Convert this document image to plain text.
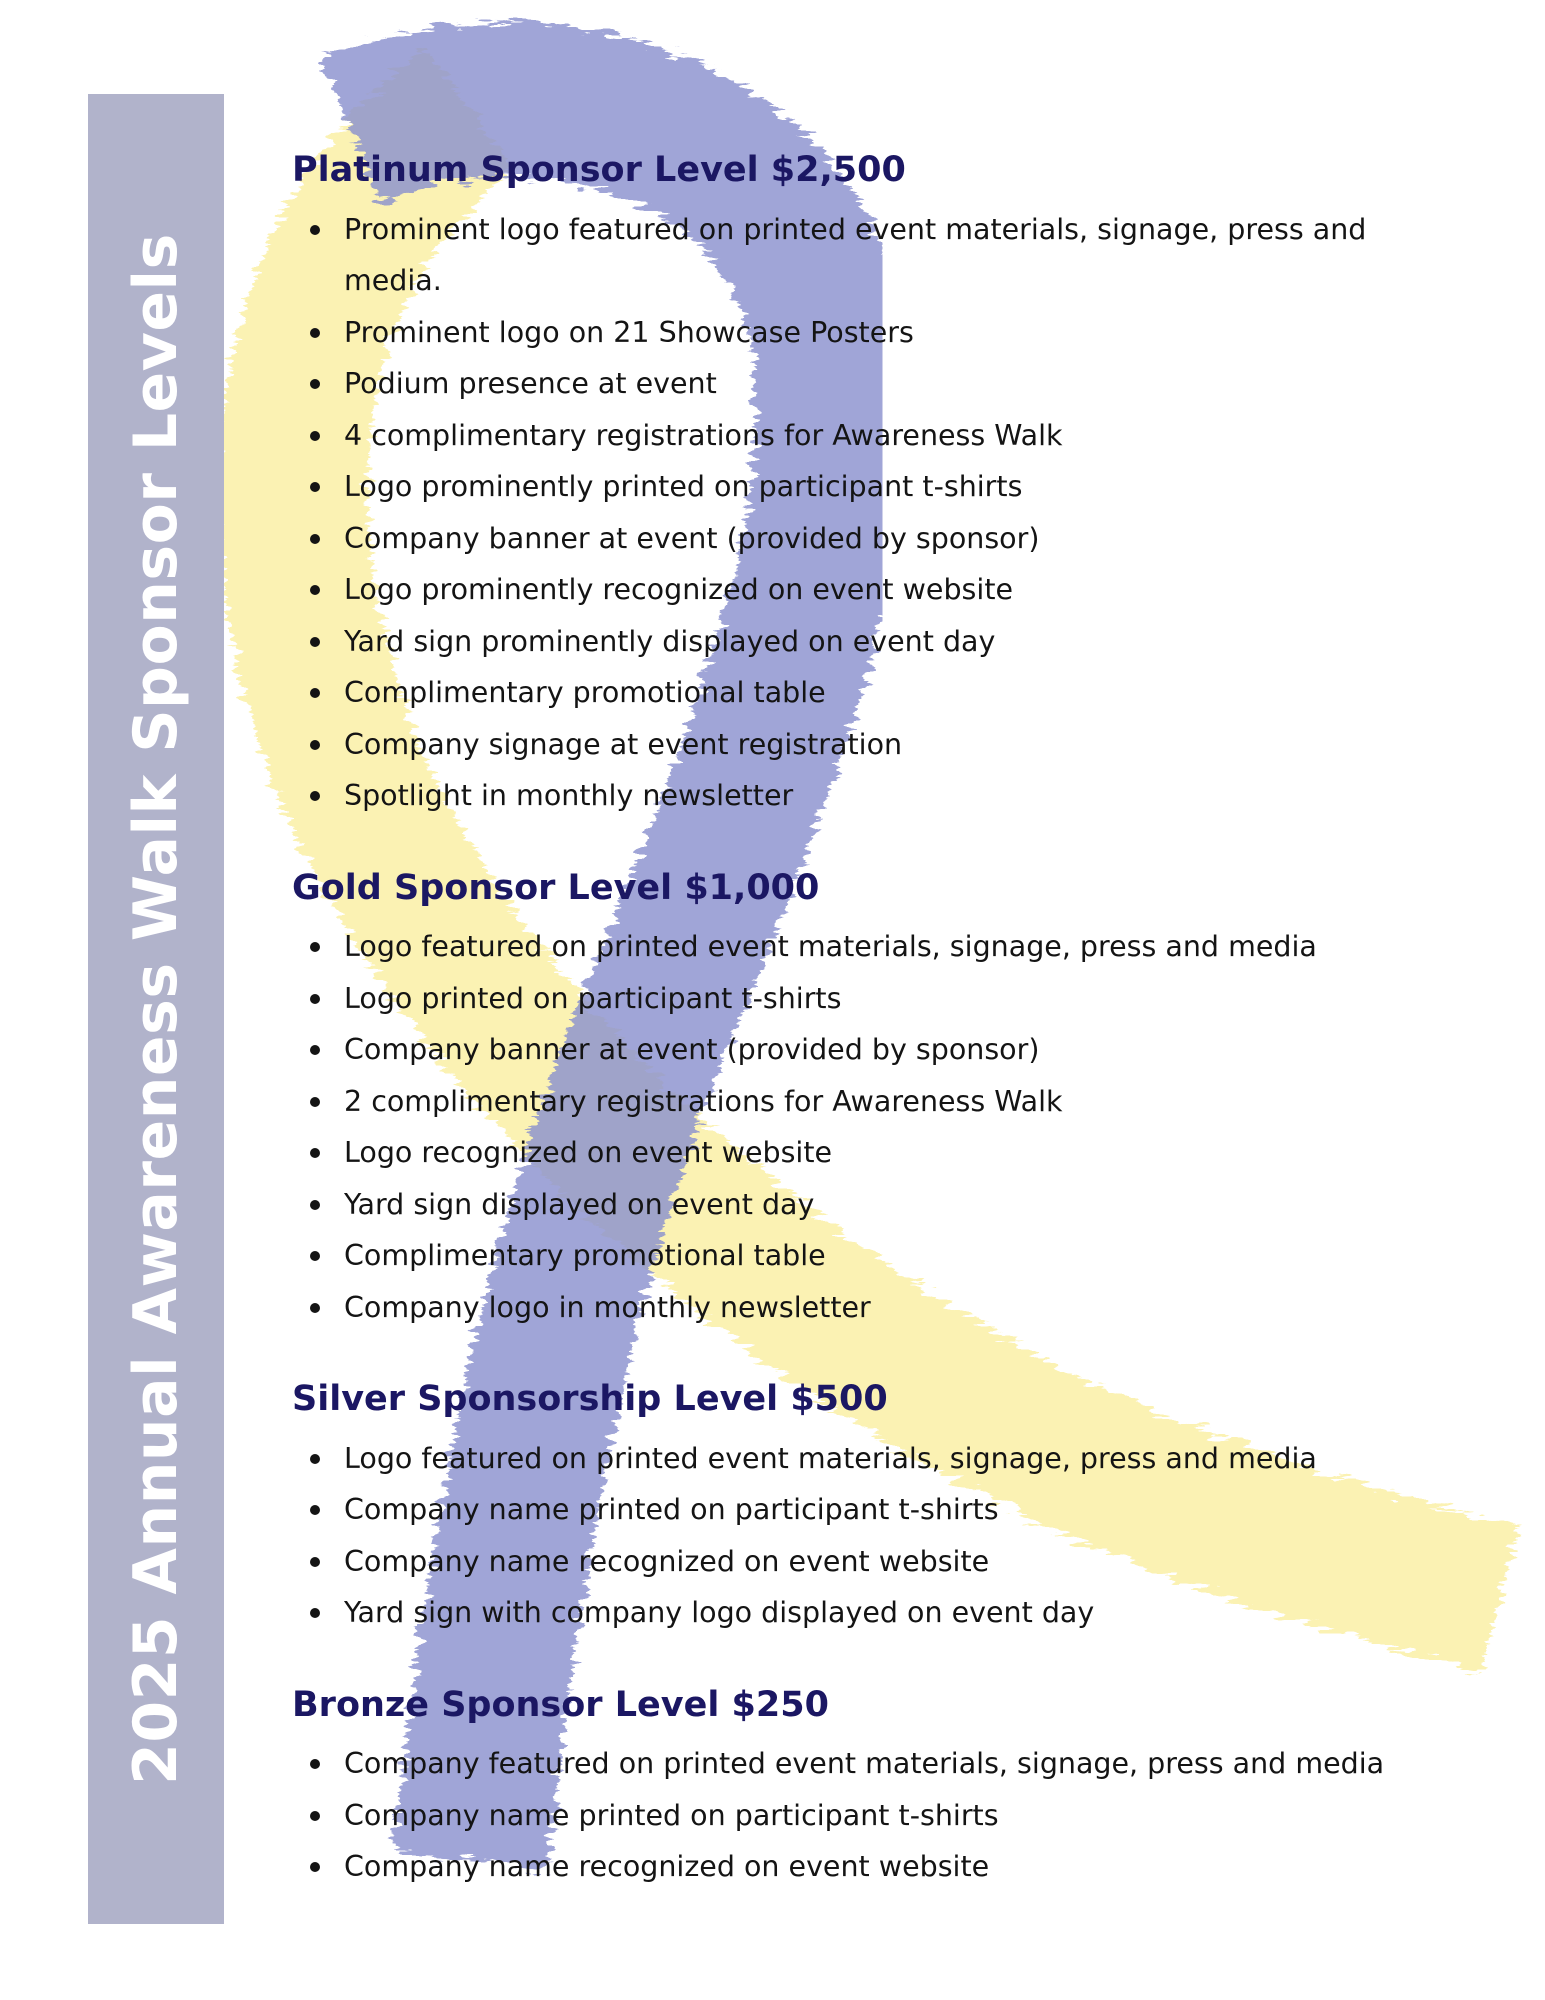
2025 Annual Awareness Walk Sponsor Levels
Platinum Sponsor Level $2,500
Prominent logo featured on printed event materials, signage, press and media.
Prominent logo on 21 Showcase Posters
Podium presence at event
4 complimentary registrations for Awareness Walk
Logo prominently printed on participant t-shirts
Company banner at event (provided by sponsor)
Logo prominently recognized on event website
Yard sign prominently displayed on event day
Complimentary promotional table
Company signage at event registration
Spotlight in monthly newsletter
Gold Sponsor Level $1,000
Logo featured on printed event materials, signage, press and media
Logo printed on participant t-shirts
Company banner at event (provided by sponsor)
2 complimentary registrations for Awareness Walk
Logo recognized on event website
Yard sign displayed on event day
Complimentary promotional table
Company logo in monthly newsletter
Silver Sponsorship Level $500
Logo featured on printed event materials, signage, press and media
Company name printed on participant t-shirts
Company name recognized on event website
Yard sign with company logo displayed on event day
Bronze Sponsor Level $250
Company featured on printed event materials, signage, press and media
Company name printed on participant t-shirts
Company name recognized on event website
